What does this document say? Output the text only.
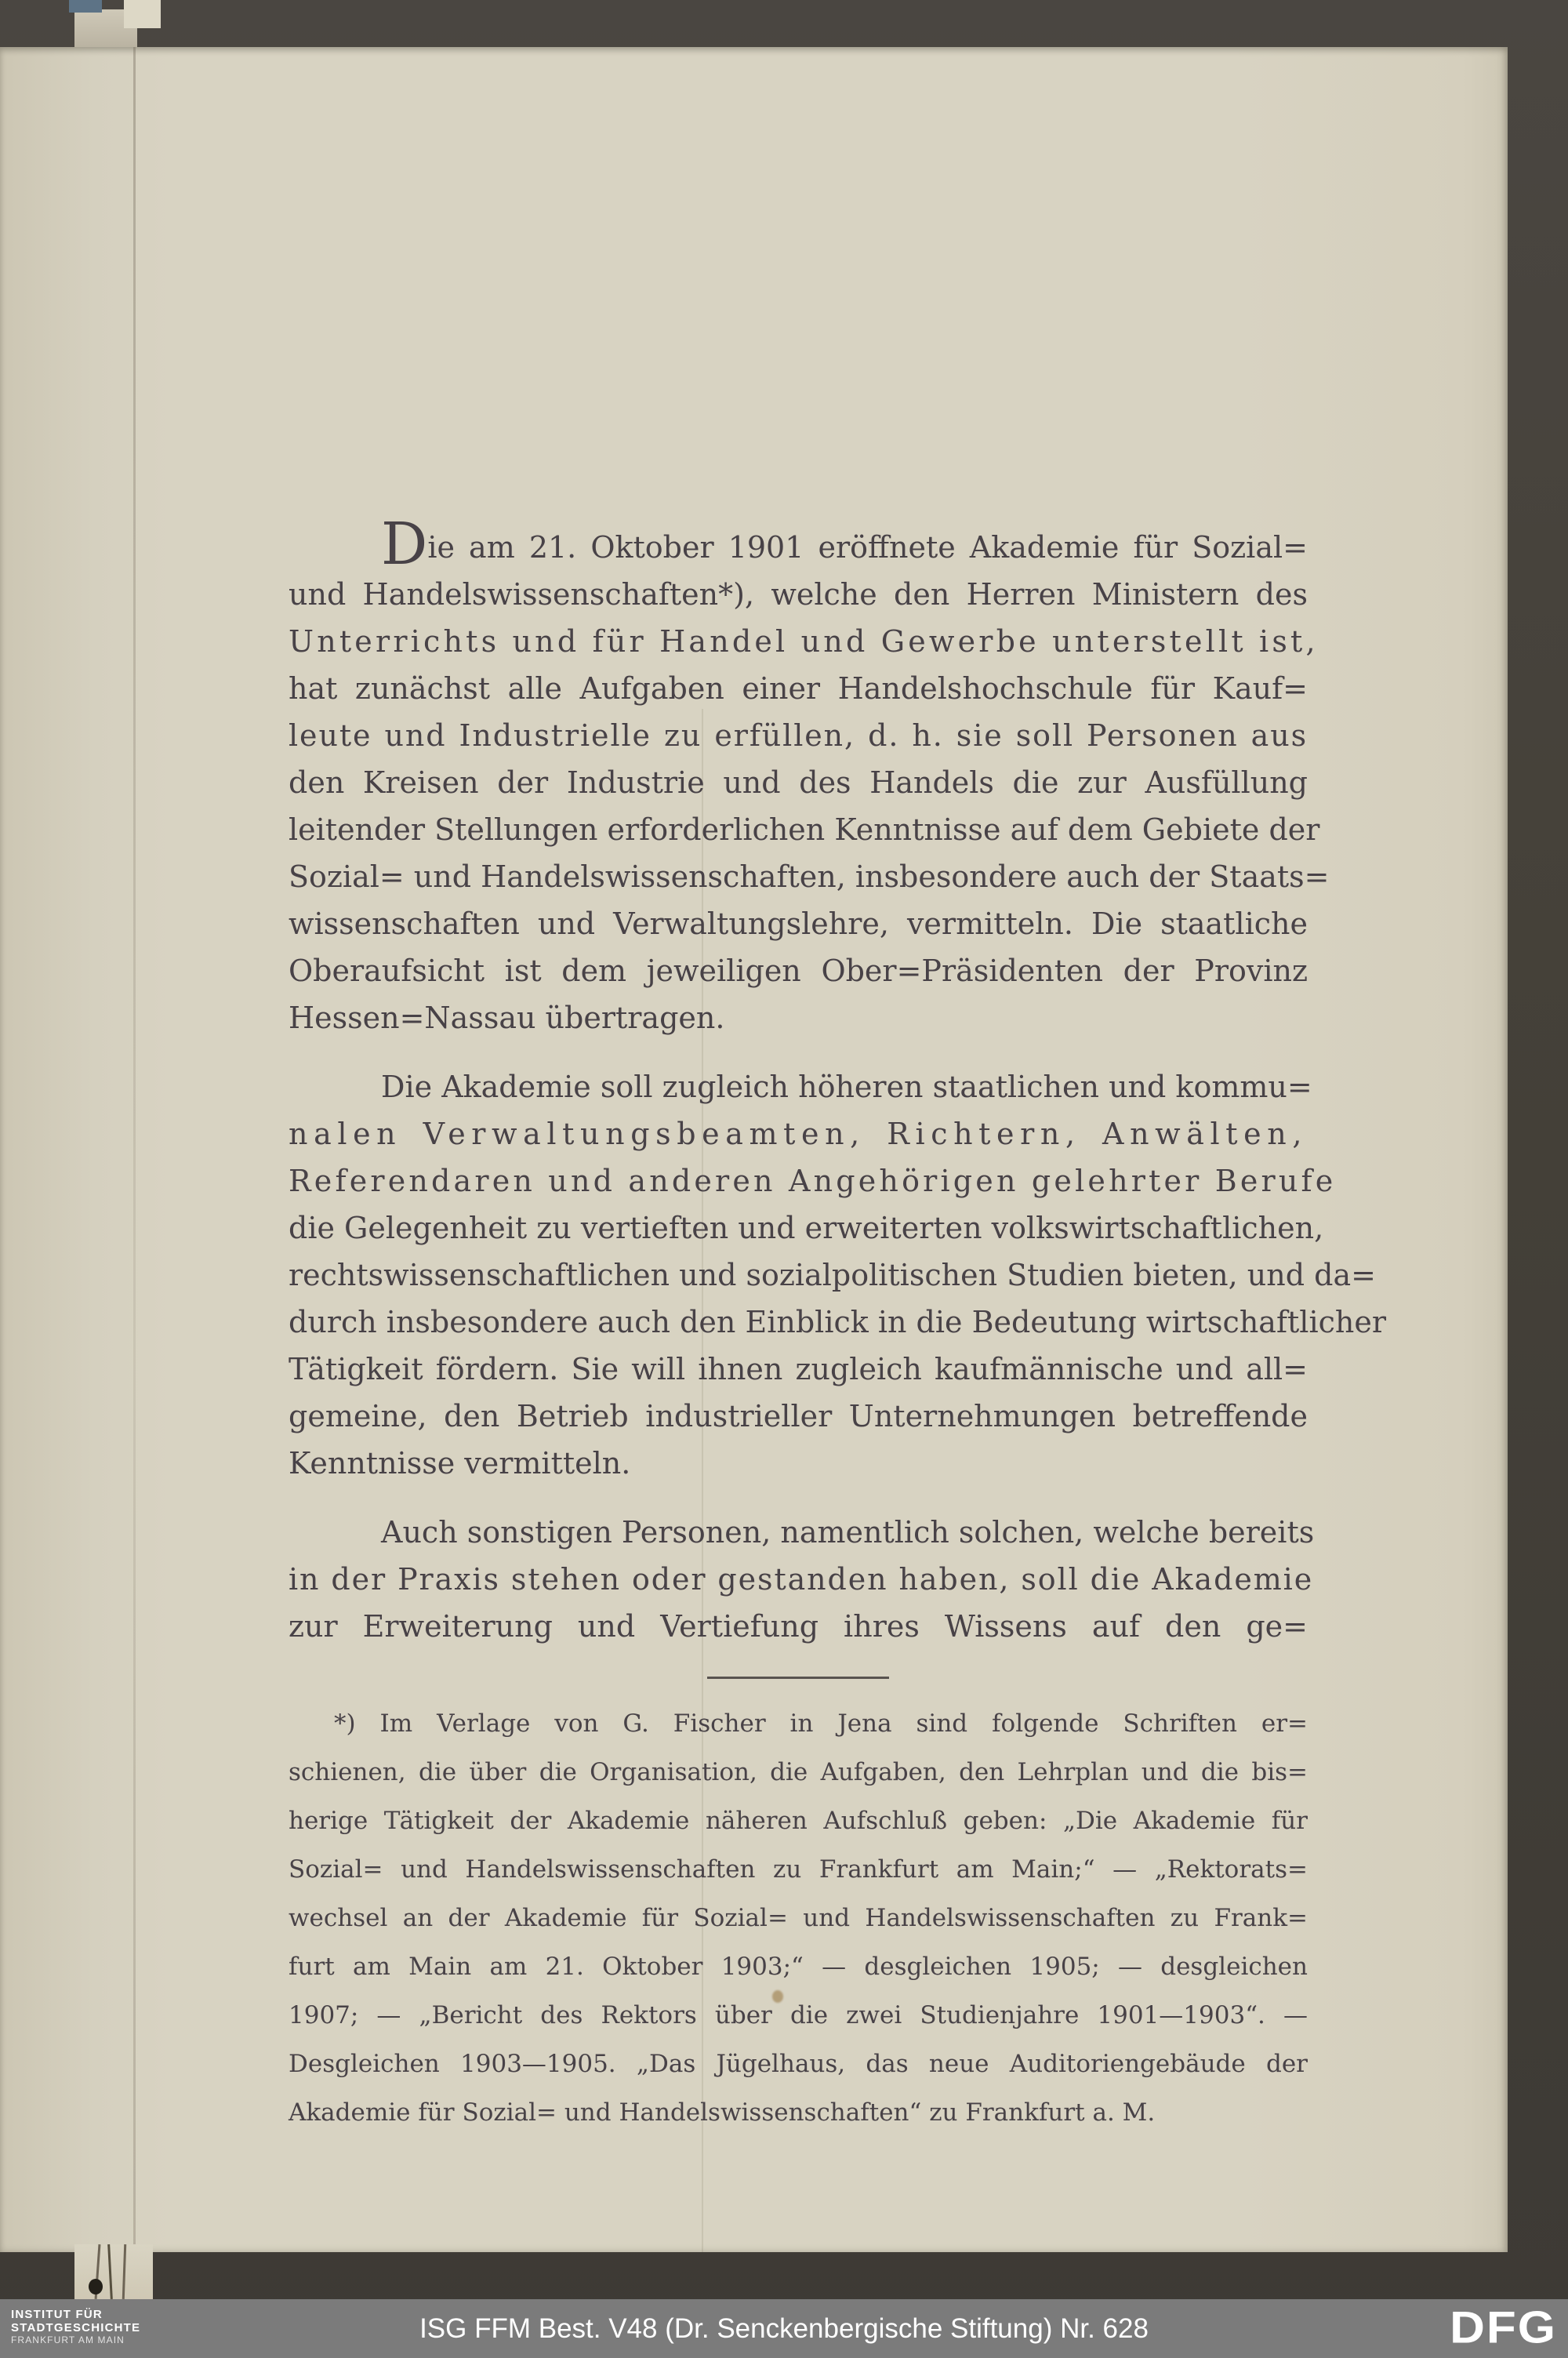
Die am 21. Oktober 1901 eröffnete Akademie für Sozial=
und Handelswissenschaften*), welche den Herren Ministern des
Unterrichts und für Handel und Gewerbe unterstellt ist,
hat zunächst alle Aufgaben einer Handelshochschule für Kauf=
leute und Industrielle zu erfüllen, d. h. sie soll Personen aus
den Kreisen der Industrie und des Handels die zur Ausfüllung
leitender Stellungen erforderlichen Kenntnisse auf dem Gebiete der
Sozial= und Handelswissenschaften, insbesondere auch der Staats=
wissenschaften und Verwaltungslehre, vermitteln. Die staatliche
Oberaufsicht ist dem jeweiligen Ober=Präsidenten der Provinz
Hessen=Nassau übertragen.
Die Akademie soll zugleich höheren staatlichen und kommu=
nalen Verwaltungsbeamten, Richtern, Anwälten,
Referendaren und anderen Angehörigen gelehrter Berufe
die Gelegenheit zu vertieften und erweiterten volkswirtschaftlichen,
rechtswissenschaftlichen und sozialpolitischen Studien bieten, und da=
durch insbesondere auch den Einblick in die Bedeutung wirtschaftlicher
Tätigkeit fördern. Sie will ihnen zugleich kaufmännische und all=
gemeine, den Betrieb industrieller Unternehmungen betreffende
Kenntnisse vermitteln.
Auch sonstigen Personen, namentlich solchen, welche bereits
in der Praxis stehen oder gestanden haben, soll die Akademie
zur Erweiterung und Vertiefung ihres Wissens auf den ge=
*) Im Verlage von G. Fischer in Jena sind folgende Schriften er=
schienen, die über die Organisation, die Aufgaben, den Lehrplan und die bis=
herige Tätigkeit der Akademie näheren Aufschluß geben: „Die Akademie für
Sozial= und Handelswissenschaften zu Frankfurt am Main;“ — „Rektorats=
wechsel an der Akademie für Sozial= und Handelswissenschaften zu Frank=
furt am Main am 21. Oktober 1903;“ — desgleichen 1905; — desgleichen
1907; — „Bericht des Rektors über die zwei Studienjahre 1901—1903“. —
Desgleichen 1903—1905. „Das Jügelhaus, das neue Auditoriengebäude der
Akademie für Sozial= und Handelswissenschaften“ zu Frankfurt a. M.
INSTITUT FÜR
STADTGESCHICHTE
FRANKFURT AM MAIN	ISG FFM Best. V48 (Dr. Senckenbergische Stiftung) Nr. 628	DFG
